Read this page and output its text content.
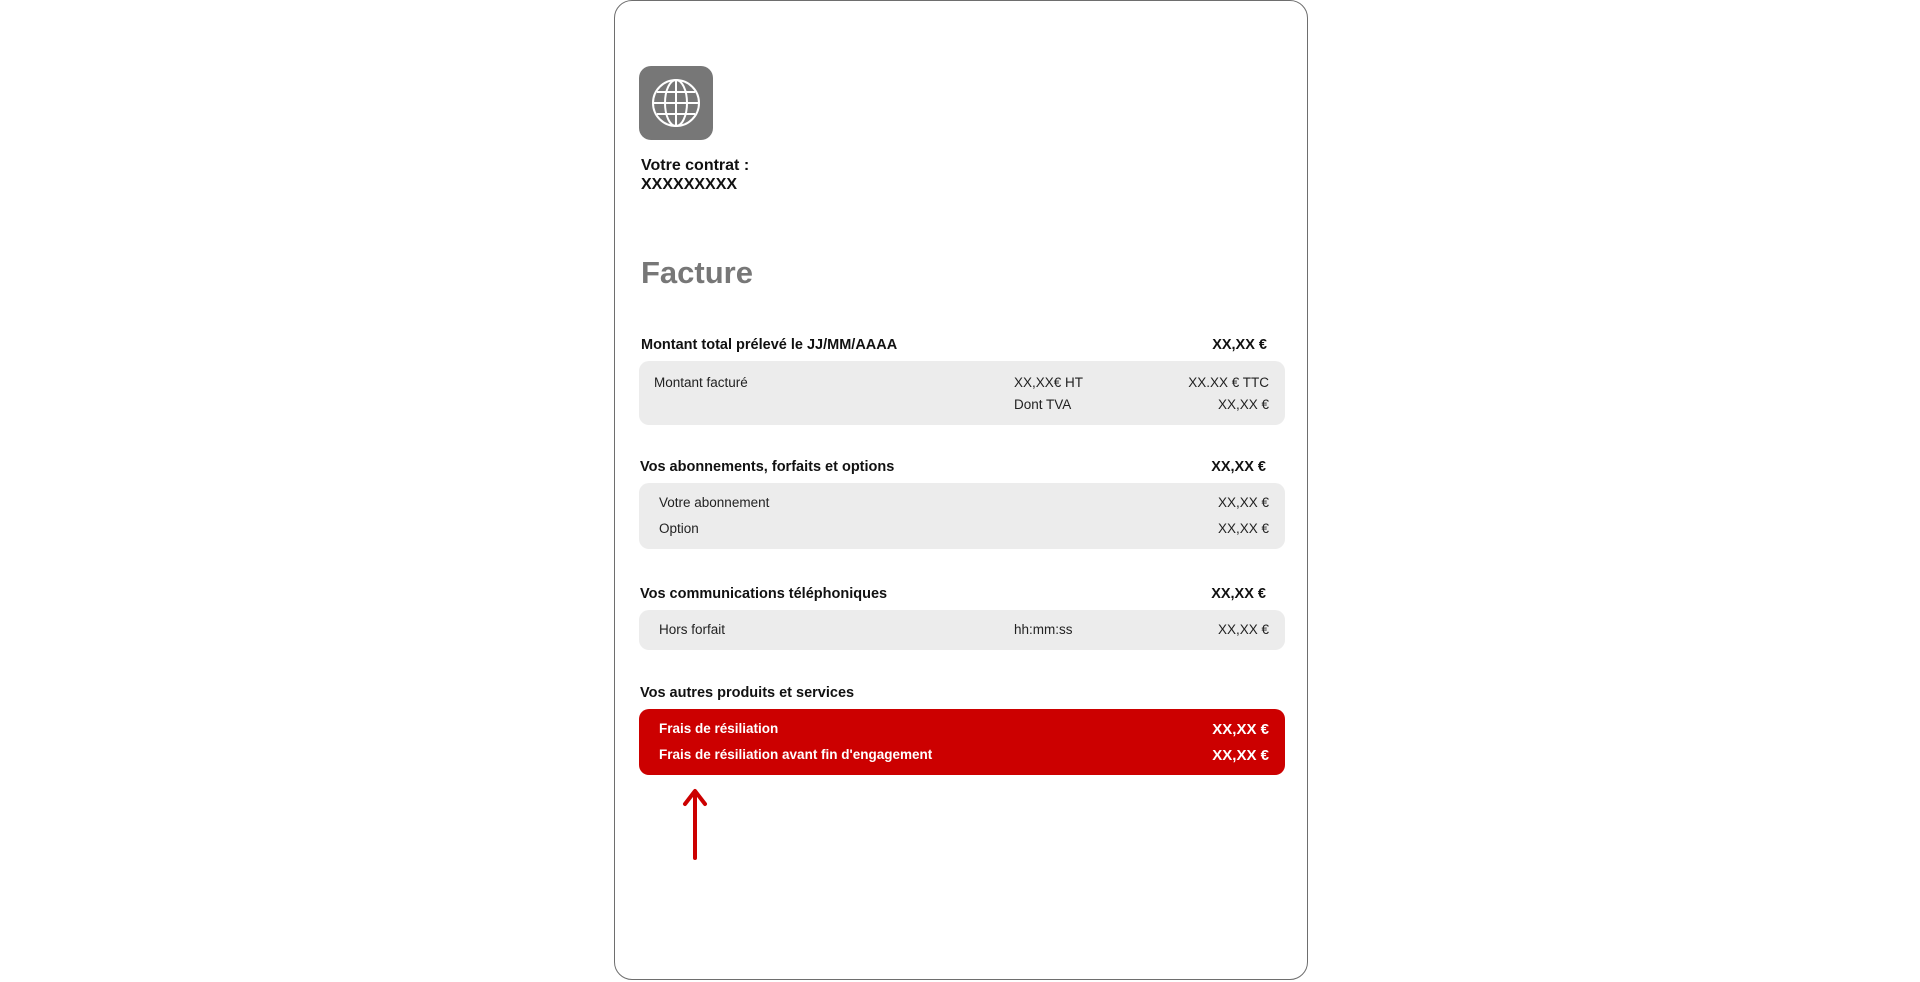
Votre contrat :
XXXXXXXXX
Facture
Montant total prélevé le JJ/MM/AAAA	XX,XX €
Montant facturé	XX,XX€ HT	XX.XX € TTC
Dont TVA	XX,XX €
Vos abonnements, forfaits et options	XX,XX €
Votre abonnement	XX,XX €
Option	XX,XX €
Vos communications téléphoniques	XX,XX €
Hors forfait	hh:mm:ss	XX,XX €
Vos autres produits et services
Frais de résiliation	XX,XX €
Frais de résiliation avant fin d'engagement	XX,XX €
